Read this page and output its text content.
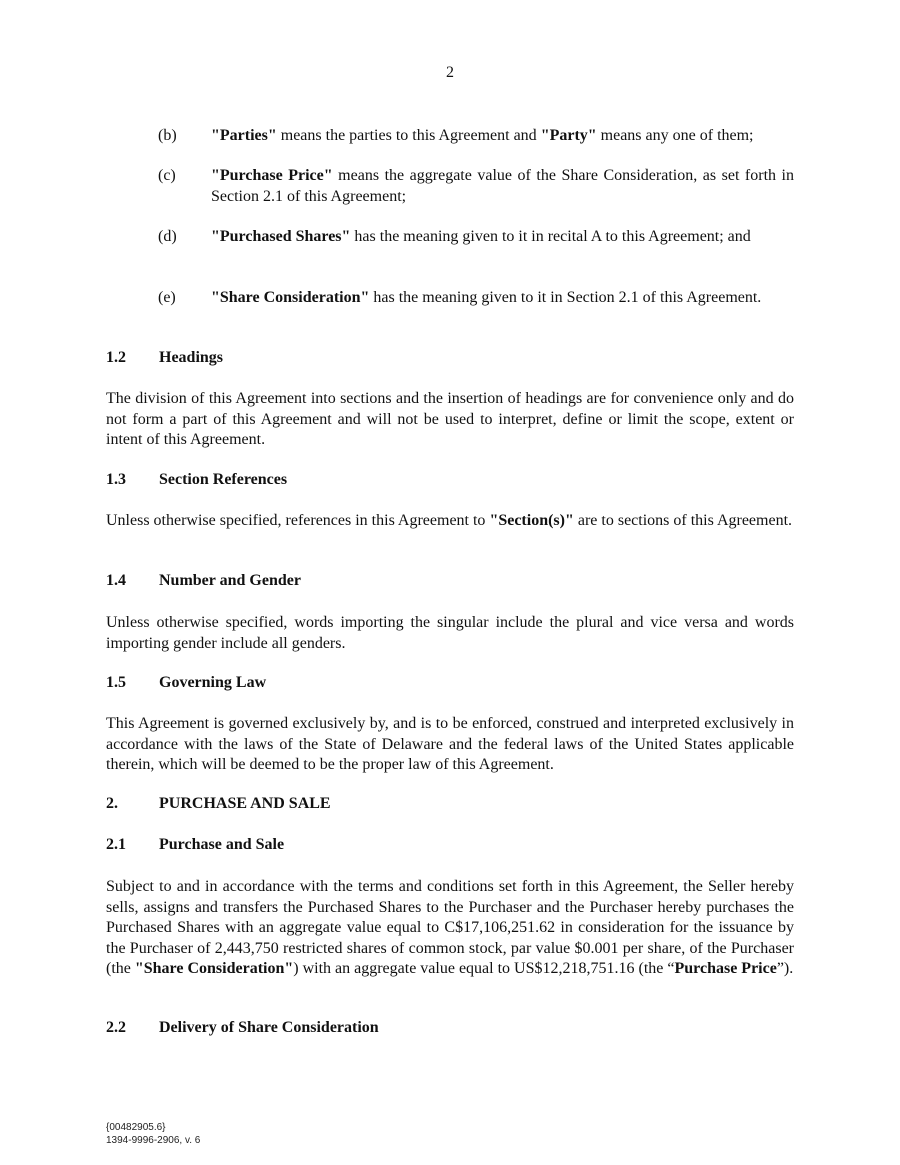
2
(b) "Parties" means the parties to this Agreement and "Party" means any one of them;
(c) "Purchase Price" means the aggregate value of the Share Consideration, as set forth in Section 2.1 of this Agreement;
(d) "Purchased Shares" has the meaning given to it in recital A to this Agreement; and
(e) "Share Consideration" has the meaning given to it in Section 2.1 of this Agreement.
1.2 Headings
The division of this Agreement into sections and the insertion of headings are for convenience only and do not form a part of this Agreement and will not be used to interpret, define or limit the scope, extent or intent of this Agreement.
1.3 Section References
Unless otherwise specified, references in this Agreement to "Section(s)" are to sections of this Agreement.
1.4 Number and Gender
Unless otherwise specified, words importing the singular include the plural and vice versa and words importing gender include all genders.
1.5 Governing Law
This Agreement is governed exclusively by, and is to be enforced, construed and interpreted exclusively in accordance with the laws of the State of Delaware and the federal laws of the United States applicable therein, which will be deemed to be the proper law of this Agreement.
2.	PURCHASE AND SALE
2.1 Purchase and Sale
Subject to and in accordance with the terms and conditions set forth in this Agreement, the Seller hereby sells, assigns and transfers the Purchased Shares to the Purchaser and the Purchaser hereby purchases the Purchased Shares with an aggregate value equal to C$17,106,251.62 in consideration for the issuance by the Purchaser of 2,443,750 restricted shares of common stock, par value $0.001 per share, of the Purchaser (the "Share Consideration") with an aggregate value equal to US$12,218,751.16 (the “Purchase Price”).
2.2 Delivery of Share Consideration
{00482905.6}
1394-9996-2906, v. 6
